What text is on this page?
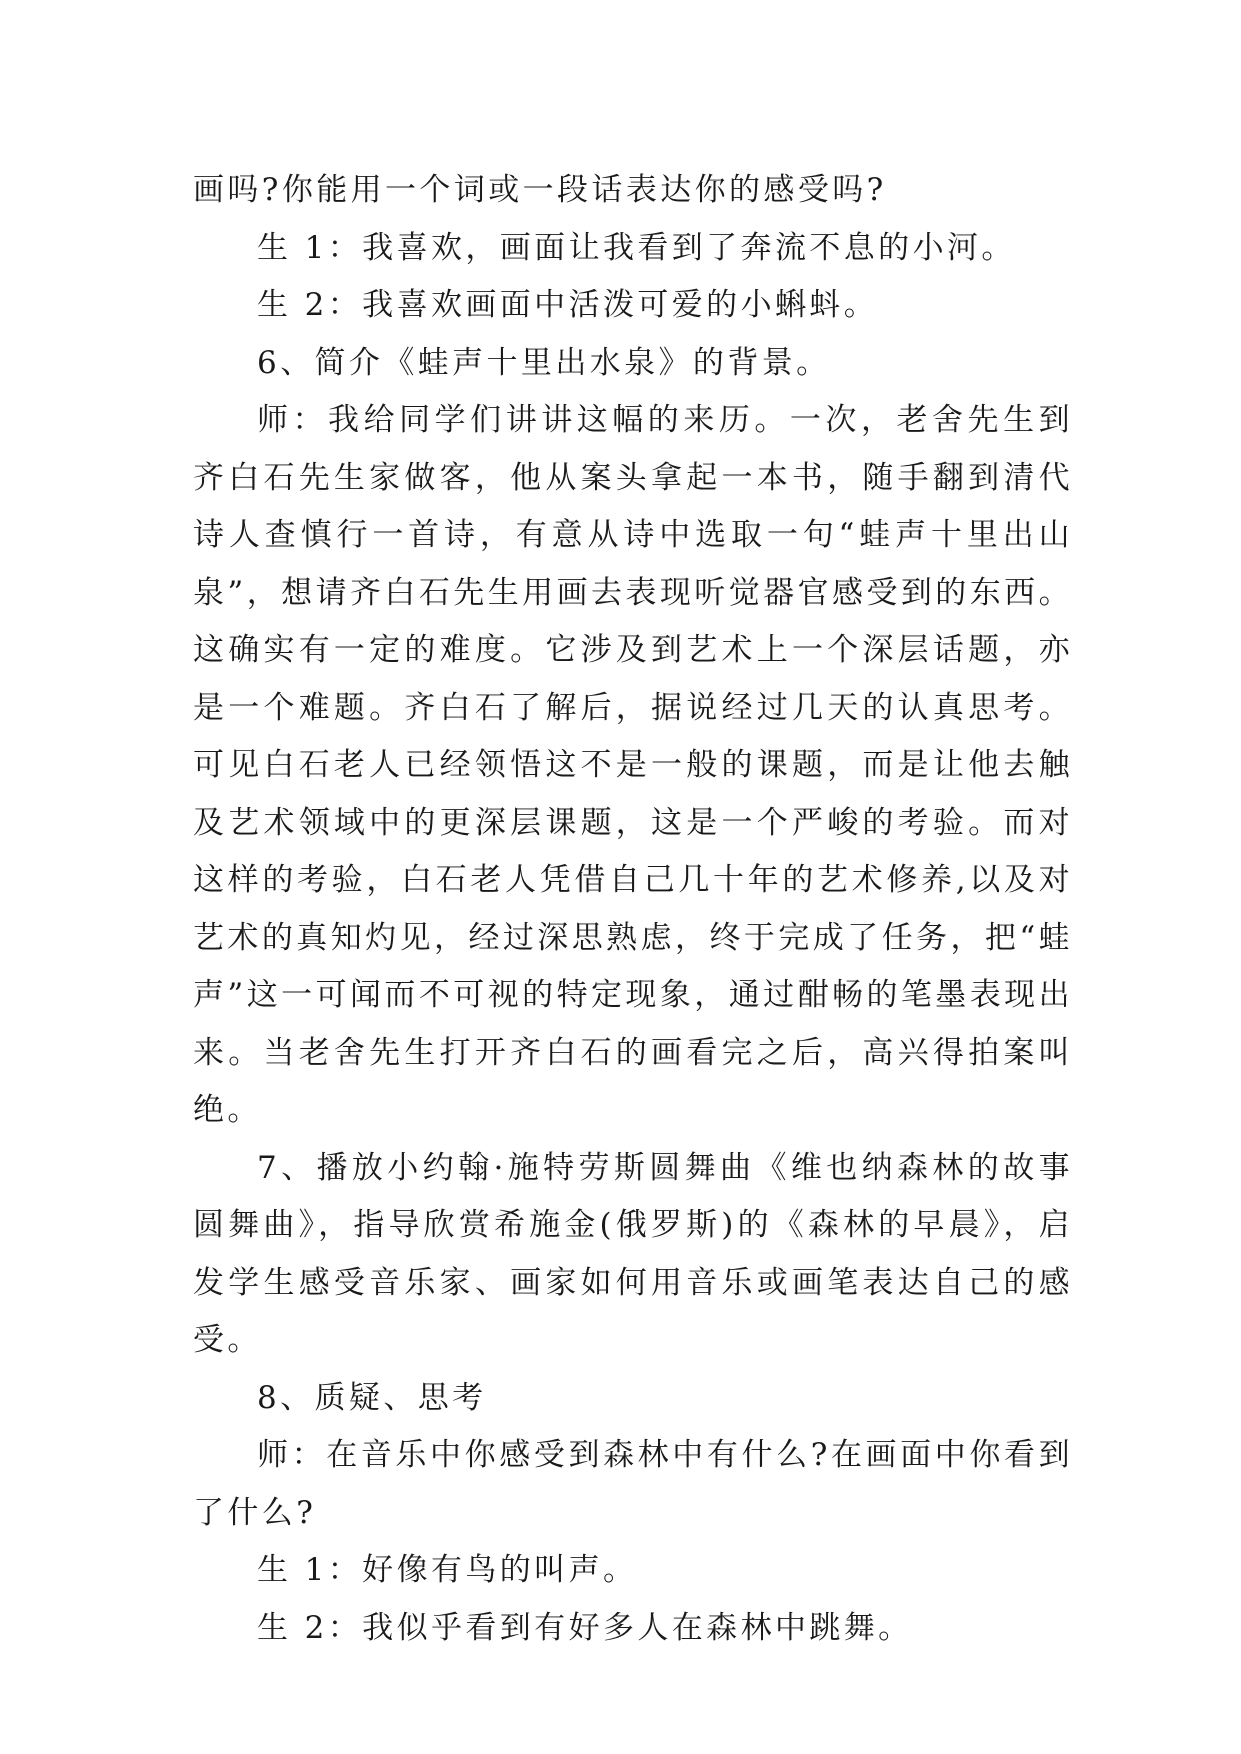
画吗?你能用一个词或一段话表达你的感受吗?

生 1：我喜欢，画面让我看到了奔流不息的小河。

生 2：我喜欢画面中活泼可爱的小蝌蚪。

6、简介《蛙声十里出水泉》的背景。

师：我给同学们讲讲这幅的来历。一次，老舍先生到齐白石先生家做客，他从案头拿起一本书，随手翻到清代诗人查慎行一首诗，有意从诗中选取一句“蛙声十里出山泉”，想请齐白石先生用画去表现听觉器官感受到的东西。这确实有一定的难度。它涉及到艺术上一个深层话题，亦是一个难题。齐白石了解后，据说经过几天的认真思考。可见白石老人已经领悟这不是一般的课题，而是让他去触及艺术领域中的更深层课题，这是一个严峻的考验。而对这样的考验，白石老人凭借自己几十年的艺术修养,以及对艺术的真知灼见，经过深思熟虑，终于完成了任务，把“蛙声”这一可闻而不可视的特定现象，通过酣畅的笔墨表现出来。当老舍先生打开齐白石的画看完之后，高兴得拍案叫绝。

7、播放小约翰·施特劳斯圆舞曲《维也纳森林的故事圆舞曲》，指导欣赏希施金(俄罗斯)的《森林的早晨》，启发学生感受音乐家、画家如何用音乐或画笔表达自己的感受。

8、质疑、思考

师：在音乐中你感受到森林中有什么?在画面中你看到了什么?

生 1：好像有鸟的叫声。

生 2：我似乎看到有好多人在森林中跳舞。
